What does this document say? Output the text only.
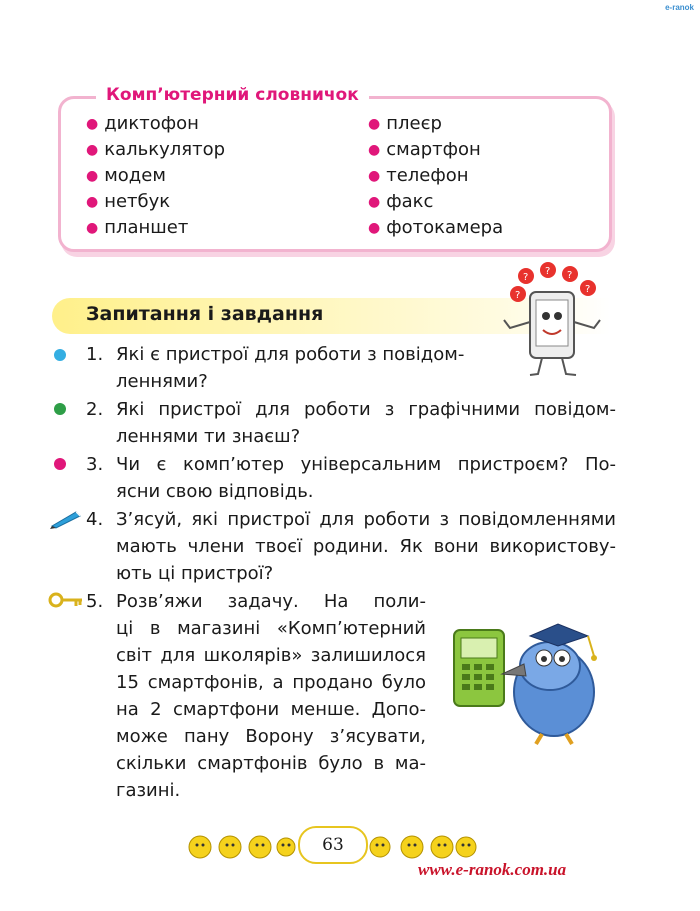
e-ranok
Комп’ютерний словничок
● диктофон
● калькулятор
● модем
● нетбук
● планшет
● плеєр
● смартфон
● телефон
● факс
● фотокамера
Запитання і завдання
?
?
? ?
?
1. Які є пристрої для роботи з повідом-
леннями?
2. Які пристрої для роботи з графічними повідом-
леннями ти знаєш?
3. Чи є комп’ютер універсальним пристроєм? По-
ясни свою відповідь.
4. З’ясуй, які пристрої для роботи з повідомленнями
мають члени твоєї родини. Як вони використову-
ють ці пристрої?
5. Розв’яжи задачу. На поли-
ці в магазині «Комп’ютерний
світ для школярів» залишилося
15 смартфонів, а продано було
на 2 смартфони менше. Допо-
може пану Ворону з’ясувати,
скільки смартфонів було в ма-
газині.
63
www.e-ranok.com.ua
